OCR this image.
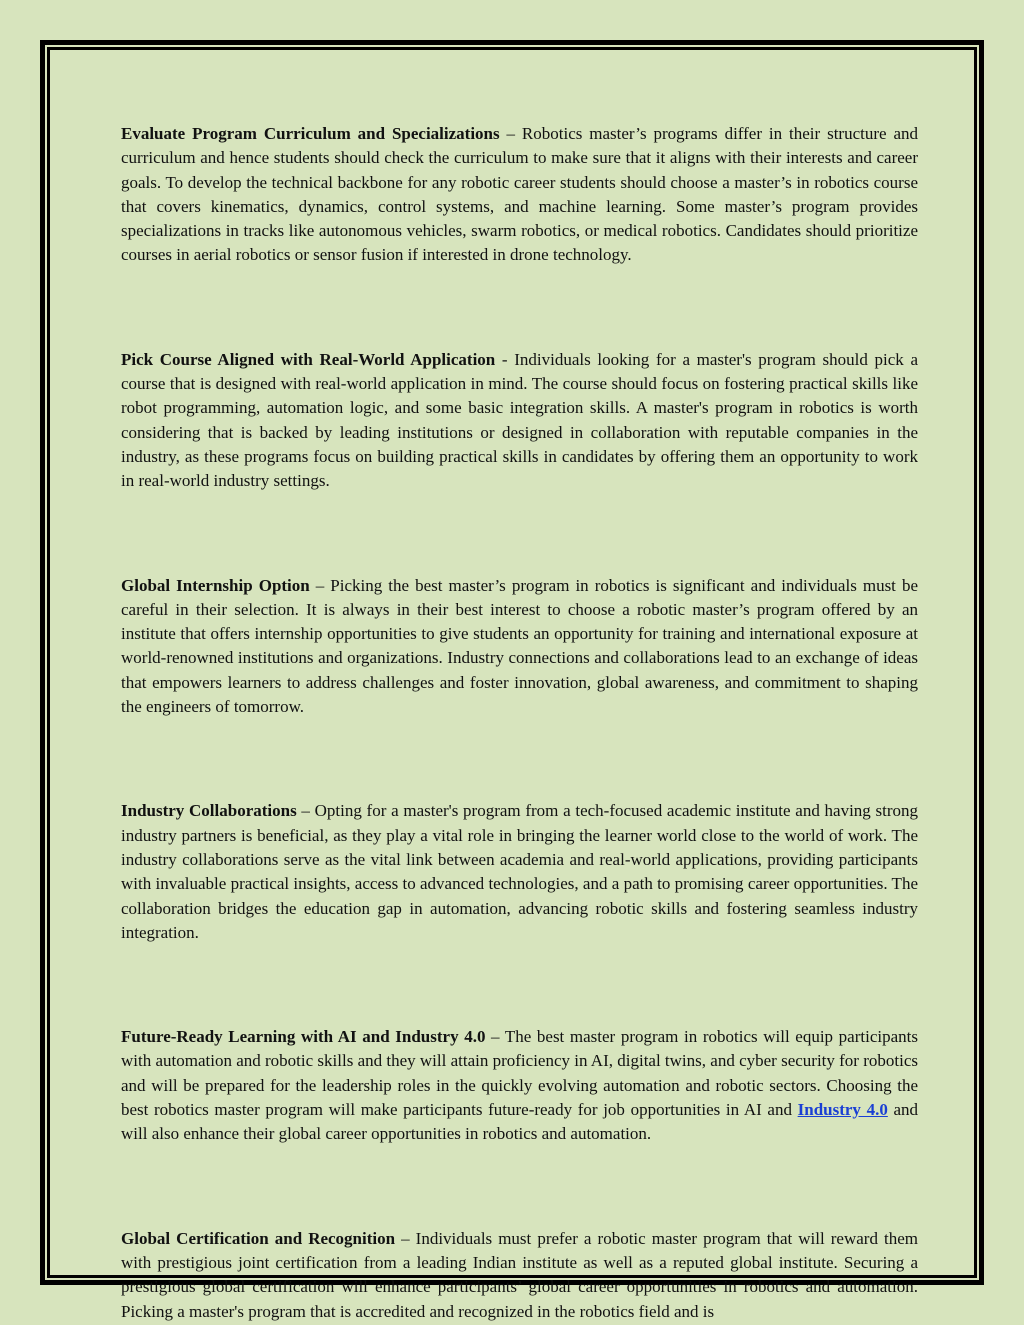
Evaluate Program Curriculum and Specializations – Robotics master’s programs differ in their structure and curriculum and hence students should check the curriculum to make sure that it aligns with their interests and career goals. To develop the technical backbone for any robotic career students should choose a master’s in robotics course that covers kinematics, dynamics, control systems, and machine learning. Some master’s program provides specializations in tracks like autonomous vehicles, swarm robotics, or medical robotics. Candidates should prioritize courses in aerial robotics or sensor fusion if interested in drone technology.

Pick Course Aligned with Real-World Application - Individuals looking for a master's program should pick a course that is designed with real-world application in mind. The course should focus on fostering practical skills like robot programming, automation logic, and some basic integration skills. A master's program in robotics is worth considering that is backed by leading institutions or designed in collaboration with reputable companies in the industry, as these programs focus on building practical skills in candidates by offering them an opportunity to work in real-world industry settings.

Global Internship Option – Picking the best master’s program in robotics is significant and individuals must be careful in their selection. It is always in their best interest to choose a robotic master’s program offered by an institute that offers internship opportunities to give students an opportunity for training and international exposure at world-renowned institutions and organizations. Industry connections and collaborations lead to an exchange of ideas that empowers learners to address challenges and foster innovation, global awareness, and commitment to shaping the engineers of tomorrow.

Industry Collaborations – Opting for a master's program from a tech-focused academic institute and having strong industry partners is beneficial, as they play a vital role in bringing the learner world close to the world of work. The industry collaborations serve as the vital link between academia and real-world applications, providing participants with invaluable practical insights, access to advanced technologies, and a path to promising career opportunities. The collaboration bridges the education gap in automation, advancing robotic skills and fostering seamless industry integration.

Future-Ready Learning with AI and Industry 4.0 – The best master program in robotics will equip participants with automation and robotic skills and they will attain proficiency in AI, digital twins, and cyber security for robotics and will be prepared for the leadership roles in the quickly evolving automation and robotic sectors. Choosing the best robotics master program will make participants future-ready for job opportunities in AI and Industry 4.0 and will also enhance their global career opportunities in robotics and automation.

Global Certification and Recognition – Individuals must prefer a robotic master program that will reward them with prestigious joint certification from a leading Indian institute as well as a reputed global institute. Securing a prestigious global certification will enhance participants’ global career opportunities in robotics and automation. Picking a master's program that is accredited and recognized in the robotics field and is
